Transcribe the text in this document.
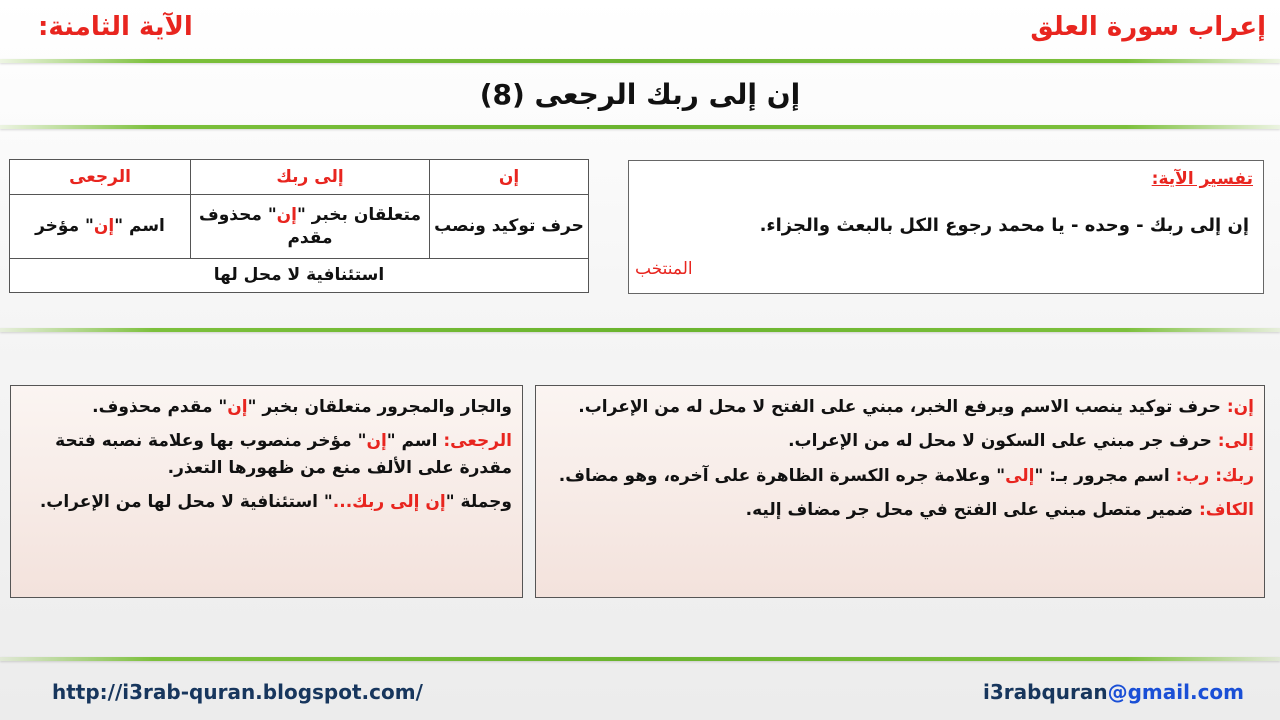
إعراب سورة العلق
الآية الثامنة:
إن إلى ربك الرجعى (8)
إن	إلى ربك	الرجعى
حرف توكيد ونصب	متعلقان بخبر "إن" محذوف مقدم	اسم "إن" مؤخر
استئنافية لا محل لها		
تفسير الآية:
إن إلى ربك - وحده - يا محمد رجوع الكل بالبعث والجزاء.
المنتخب

إن: حرف توكيد ينصب الاسم ويرفع الخبر، مبني على الفتح لا محل له من الإعراب.

إلى: حرف جر مبني على السكون لا محل له من الإعراب.

ربك: رب: اسم مجرور بـ: "إلى" وعلامة جره الكسرة الظاهرة على آخره، وهو مضاف.

الكاف: ضمير متصل مبني على الفتح في محل جر مضاف إليه.

والجار والمجرور متعلقان بخبر "إن" مقدم محذوف.

الرجعى: اسم "إن" مؤخر منصوب بها وعلامة نصبه فتحة مقدرة على الألف منع من ظهورها التعذر.

وجملة "إن إلى ربك..." استئنافية لا محل لها من الإعراب.

http://i3rab-quran.blogspot.com/	i3rabquran@gmail.com
